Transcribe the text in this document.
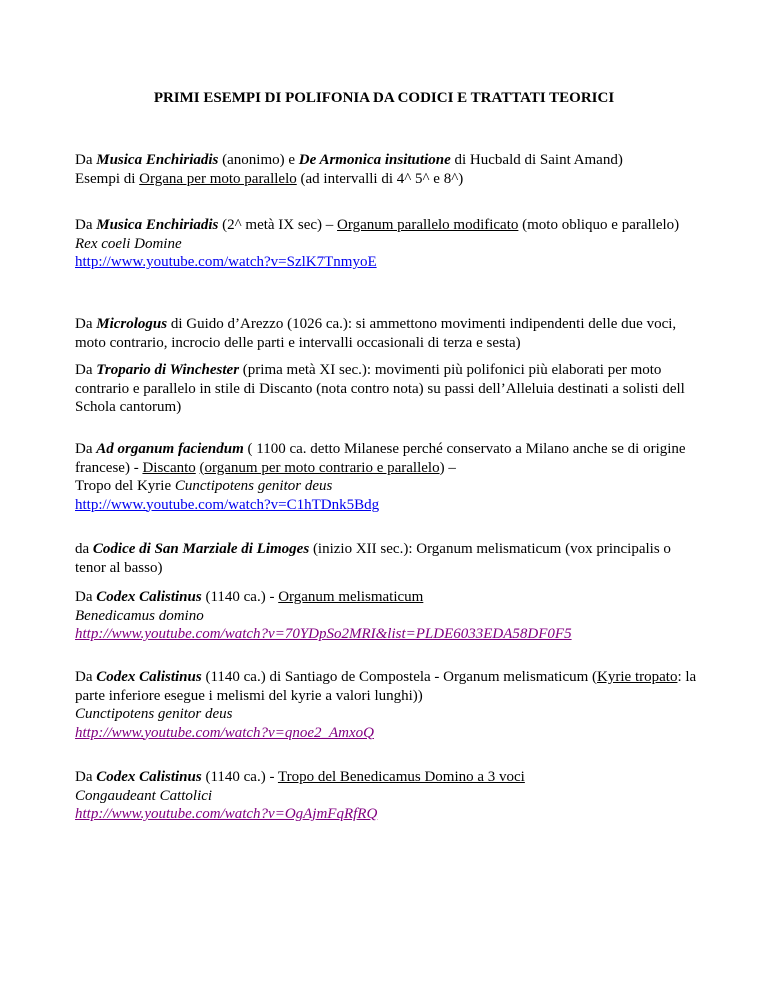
PRIMI ESEMPI DI POLIFONIA DA CODICI E TRATTATI TEORICI
Da Musica Enchiriadis (anonimo) e De Armonica insitutione di Hucbald di Saint Amand)
Esempi di Organa per moto parallelo (ad intervalli di 4^ 5^ e 8^)
Da Musica Enchiriadis (2^ metà IX sec) – Organum parallelo modificato (moto obliquo e parallelo)
Rex coeli Domine
http://www.youtube.com/watch?v=SzlK7TnmyoE
Da Micrologus di Guido d’Arezzo (1026 ca.): si ammettono movimenti indipendenti delle due voci, moto contrario, incrocio delle parti e intervalli occasionali di terza e sesta)
Da Tropario di Winchester (prima metà XI sec.): movimenti più polifonici più elaborati per moto contrario e parallelo in stile di Discanto (nota contro nota) su passi dell’Alleluia destinati a solisti dell Schola cantorum)
Da Ad organum faciendum ( 1100 ca. detto Milanese perché conservato a Milano anche se di origine francese) - Discanto (organum per moto contrario e parallelo) –
Tropo del Kyrie Cunctipotens genitor deus
http://www.youtube.com/watch?v=C1hTDnk5Bdg
da Codice di San Marziale di Limoges (inizio XII sec.): Organum melismaticum (vox principalis o tenor al basso)
Da Codex Calistinus (1140 ca.) - Organum melismaticum
Benedicamus domino
http://www.youtube.com/watch?v=70YDpSo2MRI&list=PLDE6033EDA58DF0F5
Da Codex Calistinus (1140 ca.) di Santiago de Compostela - Organum melismaticum (Kyrie tropato: la parte inferiore esegue i melismi del kyrie a valori lunghi))
Cunctipotens genitor deus
http://www.youtube.com/watch?v=qnoe2_AmxoQ
Da Codex Calistinus (1140 ca.) - Tropo del Benedicamus Domino a 3 voci
Congaudeant Cattolici
http://www.youtube.com/watch?v=OgAjmFqRfRQ
